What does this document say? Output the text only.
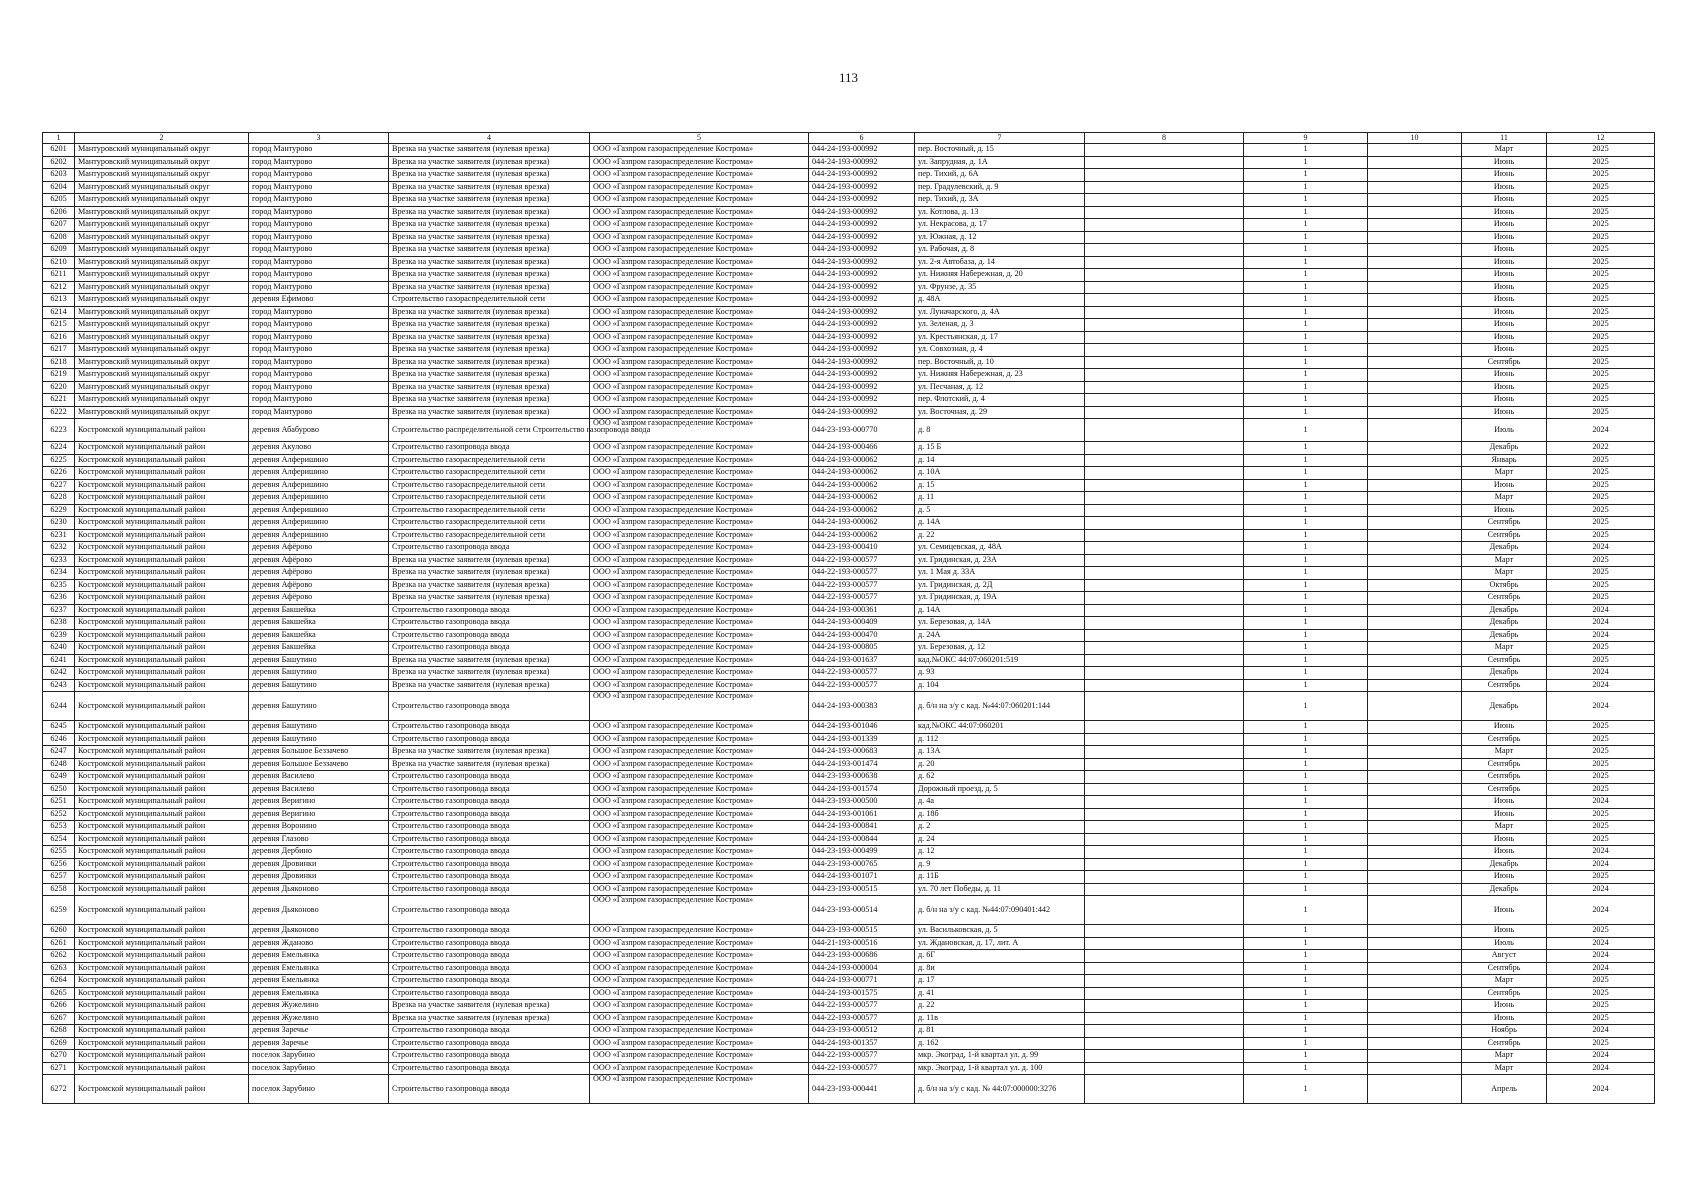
113
1	2	3	4	5	6	7	8	9	10	11	12
6201	Мантуровский муниципальный округ	город Мантурово	Врезка на участке заявителя (нулевая врезка)	ООО «Газпром газораспределение Кострома»	044-24-193-000992	пер. Восточный, д. 15		1		Март	2025
6202	Мантуровский муниципальный округ	город Мантурово	Врезка на участке заявителя (нулевая врезка)	ООО «Газпром газораспределение Кострома»	044-24-193-000992	ул. Запрудная, д. 1А		1		Июнь	2025
6203	Мантуровский муниципальный округ	город Мантурово	Врезка на участке заявителя (нулевая врезка)	ООО «Газпром газораспределение Кострома»	044-24-193-000992	пер. Тихий, д. 6А		1		Июнь	2025
6204	Мантуровский муниципальный округ	город Мантурово	Врезка на участке заявителя (нулевая врезка)	ООО «Газпром газораспределение Кострома»	044-24-193-000992	пер. Градулевский, д. 9		1		Июнь	2025
6205	Мантуровский муниципальный округ	город Мантурово	Врезка на участке заявителя (нулевая врезка)	ООО «Газпром газораспределение Кострома»	044-24-193-000992	пер. Тихий, д. 3А		1		Июнь	2025
6206	Мантуровский муниципальный округ	город Мантурово	Врезка на участке заявителя (нулевая врезка)	ООО «Газпром газораспределение Кострома»	044-24-193-000992	ул. Котлова, д. 13		1		Июнь	2025
6207	Мантуровский муниципальный округ	город Мантурово	Врезка на участке заявителя (нулевая врезка)	ООО «Газпром газораспределение Кострома»	044-24-193-000992	ул. Некрасова, д. 17		1		Июнь	2025
6208	Мантуровский муниципальный округ	город Мантурово	Врезка на участке заявителя (нулевая врезка)	ООО «Газпром газораспределение Кострома»	044-24-193-000992	ул. Южная, д. 12		1		Июнь	2025
6209	Мантуровский муниципальный округ	город Мантурово	Врезка на участке заявителя (нулевая врезка)	ООО «Газпром газораспределение Кострома»	044-24-193-000992	ул. Рабочая, д. 8		1		Июнь	2025
6210	Мантуровский муниципальный округ	город Мантурово	Врезка на участке заявителя (нулевая врезка)	ООО «Газпром газораспределение Кострома»	044-24-193-000992	ул. 2-я Автобаза, д. 14		1		Июнь	2025
6211	Мантуровский муниципальный округ	город Мантурово	Врезка на участке заявителя (нулевая врезка)	ООО «Газпром газораспределение Кострома»	044-24-193-000992	ул. Нижняя Набережная, д. 20		1		Июнь	2025
6212	Мантуровский муниципальный округ	город Мантурово	Врезка на участке заявителя (нулевая врезка)	ООО «Газпром газораспределение Кострома»	044-24-193-000992	ул. Фрунзе, д. 35		1		Июнь	2025
6213	Мантуровский муниципальный округ	деревня Ефимово	Строительство газораспределительной сети	ООО «Газпром газораспределение Кострома»	044-24-193-000992	д. 48А		1		Июнь	2025
6214	Мантуровский муниципальный округ	город Мантурово	Врезка на участке заявителя (нулевая врезка)	ООО «Газпром газораспределение Кострома»	044-24-193-000992	ул. Луначарского, д. 4А		1		Июнь	2025
6215	Мантуровский муниципальный округ	город Мантурово	Врезка на участке заявителя (нулевая врезка)	ООО «Газпром газораспределение Кострома»	044-24-193-000992	ул. Зеленая, д. 3		1		Июнь	2025
6216	Мантуровский муниципальный округ	город Мантурово	Врезка на участке заявителя (нулевая врезка)	ООО «Газпром газораспределение Кострома»	044-24-193-000992	ул. Крестьянская, д. 17		1		Июнь	2025
6217	Мантуровский муниципальный округ	город Мантурово	Врезка на участке заявителя (нулевая врезка)	ООО «Газпром газораспределение Кострома»	044-24-193-000992	ул. Совхозная, д. 4		1		Июнь	2025
6218	Мантуровский муниципальный округ	город Мантурово	Врезка на участке заявителя (нулевая врезка)	ООО «Газпром газораспределение Кострома»	044-24-193-000992	пер. Восточный, д. 10		1		Сентябрь	2025
6219	Мантуровский муниципальный округ	город Мантурово	Врезка на участке заявителя (нулевая врезка)	ООО «Газпром газораспределение Кострома»	044-24-193-000992	ул. Нижняя Набережная, д. 23		1		Июнь	2025
6220	Мантуровский муниципальный округ	город Мантурово	Врезка на участке заявителя (нулевая врезка)	ООО «Газпром газораспределение Кострома»	044-24-193-000992	ул. Песчаная, д. 12		1		Июнь	2025
6221	Мантуровский муниципальный округ	город Мантурово	Врезка на участке заявителя (нулевая врезка)	ООО «Газпром газораспределение Кострома»	044-24-193-000992	пер. Флотский, д. 4		1		Июнь	2025
6222	Мантуровский муниципальный округ	город Мантурово	Врезка на участке заявителя (нулевая врезка)	ООО «Газпром газораспределение Кострома»	044-24-193-000992	ул. Восточная, д. 29		1		Июнь	2025
6223	Костромской муниципальный район	деревня Абабурово	Строительство распределительной сети Строительство газопровода ввода	ООО «Газпром газораспределение Кострома»	044-23-193-000770	д. 8		1		Июль	2024
6224	Костромской муниципальный район	деревня Акулово	Строительство газопровода ввода	ООО «Газпром газораспределение Кострома»	044-24-193-000466	д. 15 Б		1		Декабрь	2022
6225	Костромской муниципальный район	деревня Алферишино	Строительство газораспределительной сети	ООО «Газпром газораспределение Кострома»	044-24-193-000062	д. 14		1		Январь	2025
6226	Костромской муниципальный район	деревня Алферишино	Строительство газораспределительной сети	ООО «Газпром газораспределение Кострома»	044-24-193-000062	д. 10А		1		Март	2025
6227	Костромской муниципальный район	деревня Алферишино	Строительство газораспределительной сети	ООО «Газпром газораспределение Кострома»	044-24-193-000062	д. 15		1		Июнь	2025
6228	Костромской муниципальный район	деревня Алферишино	Строительство газораспределительной сети	ООО «Газпром газораспределение Кострома»	044-24-193-000062	д. 11		1		Март	2025
6229	Костромской муниципальный район	деревня Алферишино	Строительство газораспределительной сети	ООО «Газпром газораспределение Кострома»	044-24-193-000062	д. 5		1		Июнь	2025
6230	Костромской муниципальный район	деревня Алферишино	Строительство газораспределительной сети	ООО «Газпром газораспределение Кострома»	044-24-193-000062	д. 14А		1		Сентябрь	2025
6231	Костромской муниципальный район	деревня Алферишино	Строительство газораспределительной сети	ООО «Газпром газораспределение Кострома»	044-24-193-000062	д. 22		1		Сентябрь	2025
6232	Костромской муниципальный район	деревня Афёрово	Строительство газопровода ввода	ООО «Газпром газораспределение Кострома»	044-23-193-000410	ул. Семицевская, д. 48А		1		Декабрь	2024
6233	Костромской муниципальный район	деревня Афёрово	Врезка на участке заявителя (нулевая врезка)	ООО «Газпром газораспределение Кострома»	044-22-193-000577	ул. Гридинская, д. 23А		1		Март	2025
6234	Костромской муниципальный район	деревня Афёрово	Врезка на участке заявителя (нулевая врезка)	ООО «Газпром газораспределение Кострома»	044-22-193-000577	ул. 1 Мая д. 33А		1		Март	2025
6235	Костромской муниципальный район	деревня Афёрово	Врезка на участке заявителя (нулевая врезка)	ООО «Газпром газораспределение Кострома»	044-22-193-000577	ул. Гридинская, д. 2Д		1		Октябрь	2025
6236	Костромской муниципальный район	деревня Афёрово	Врезка на участке заявителя (нулевая врезка)	ООО «Газпром газораспределение Кострома»	044-22-193-000577	ул. Гридинская, д. 19А		1		Сентябрь	2025
6237	Костромской муниципальный район	деревня Бакшейка	Строительство газопровода ввода	ООО «Газпром газораспределение Кострома»	044-24-193-000361	д. 14А		1		Декабрь	2024
6238	Костромской муниципальный район	деревня Бакшейка	Строительство газопровода ввода	ООО «Газпром газораспределение Кострома»	044-24-193-000409	ул. Березовая, д. 14А		1		Декабрь	2024
6239	Костромской муниципальный район	деревня Бакшейка	Строительство газопровода ввода	ООО «Газпром газораспределение Кострома»	044-24-193-000470	д. 24А		1		Декабрь	2024
6240	Костромской муниципальный район	деревня Бакшейка	Строительство газопровода ввода	ООО «Газпром газораспределение Кострома»	044-24-193-000805	ул. Березовая, д. 12		1		Март	2025
6241	Костромской муниципальный район	деревня Башутино	Врезка на участке заявителя (нулевая врезка)	ООО «Газпром газораспределение Кострома»	044-24-193-001637	кад.№ОКС 44:07:060201:519		1		Сентябрь	2025
6242	Костромской муниципальный район	деревня Башутино	Врезка на участке заявителя (нулевая врезка)	ООО «Газпром газораспределение Кострома»	044-22-193-000577	д. 93		1		Декабрь	2024
6243	Костромской муниципальный район	деревня Башутино	Врезка на участке заявителя (нулевая врезка)	ООО «Газпром газораспределение Кострома»	044-22-193-000577	д. 104		1		Сентябрь	2024
6244	Костромской муниципальный район	деревня Башутино	Строительство газопровода ввода	ООО «Газпром газораспределение Кострома»	044-24-193-000383	д. б/н на з/у с кад. №44:07:060201:144		1		Декабрь	2024
6245	Костромской муниципальный район	деревня Башутино	Строительство газопровода ввода	ООО «Газпром газораспределение Кострома»	044-24-193-001046	кад.№ОКС 44:07:060201		1		Июнь	2025
6246	Костромской муниципальный район	деревня Башутино	Строительство газопровода ввода	ООО «Газпром газораспределение Кострома»	044-24-193-001339	д. 112		1		Сентябрь	2025
6247	Костромской муниципальный район	деревня Большое Беззачево	Врезка на участке заявителя (нулевая врезка)	ООО «Газпром газораспределение Кострома»	044-24-193-000683	д. 13А		1		Март	2025
6248	Костромской муниципальный район	деревня Большое Беззачево	Врезка на участке заявителя (нулевая врезка)	ООО «Газпром газораспределение Кострома»	044-24-193-001474	д. 20		1		Сентябрь	2025
6249	Костромской муниципальный район	деревня Василево	Строительство газопровода ввода	ООО «Газпром газораспределение Кострома»	044-23-193-000638	д. 62		1		Сентябрь	2025
6250	Костромской муниципальный район	деревня Василево	Строительство газопровода ввода	ООО «Газпром газораспределение Кострома»	044-24-193-001574	Дорожный проезд, д. 5		1		Сентябрь	2025
6251	Костромской муниципальный район	деревня Веригино	Строительство газопровода ввода	ООО «Газпром газораспределение Кострома»	044-23-193-000500	д. 4а		1		Июнь	2024
6252	Костромской муниципальный район	деревня Веригино	Строительство газопровода ввода	ООО «Газпром газораспределение Кострома»	044-24-193-001061	д. 18б		1		Июнь	2025
6253	Костромской муниципальный район	деревня Воронино	Строительство газопровода ввода	ООО «Газпром газораспределение Кострома»	044-24-193-000841	д. 2		1		Март	2025
6254	Костромской муниципальный район	деревня Глазово	Строительство газопровода ввода	ООО «Газпром газораспределение Кострома»	044-24-193-000844	д. 24		1		Июнь	2025
6255	Костромской муниципальный район	деревня Дербино	Строительство газопровода ввода	ООО «Газпром газораспределение Кострома»	044-23-193-000499	д. 12		1		Июнь	2024
6256	Костромской муниципальный район	деревня Дровинки	Строительство газопровода ввода	ООО «Газпром газораспределение Кострома»	044-23-193-000765	д. 9		1		Декабрь	2024
6257	Костромской муниципальный район	деревня Дровинки	Строительство газопровода ввода	ООО «Газпром газораспределение Кострома»	044-24-193-001071	д. 11Б		1		Июнь	2025
6258	Костромской муниципальный район	деревня Дьяконово	Строительство газопровода ввода	ООО «Газпром газораспределение Кострома»	044-23-193-000515	ул. 70 лет Победы, д. 11		1		Декабрь	2024
6259	Костромской муниципальный район	деревня Дьяконово	Строительство газопровода ввода	ООО «Газпром газораспределение Кострома»	044-23-193-000514	д. б/н на з/у с кад. №44:07:090401:442		1		Июнь	2024
6260	Костромской муниципальный район	деревня Дьяконово	Строительство газопровода ввода	ООО «Газпром газораспределение Кострома»	044-23-193-000515	ул. Васильковская, д. 5		1		Июнь	2025
6261	Костромской муниципальный район	деревня Жданово	Строительство газопровода ввода	ООО «Газпром газораспределение Кострома»	044-21-193-000516	ул. Ждановская, д. 17, лит. А		1		Июль	2024
6262	Костромской муниципальный район	деревня Емельянка	Строительство газопровода ввода	ООО «Газпром газораспределение Кострома»	044-23-193-000686	д. 6Г		1		Август	2024
6263	Костромской муниципальный район	деревня Емельянка	Строительство газопровода ввода	ООО «Газпром газораспределение Кострома»	044-24-193-000004	д. 8и		1		Сентябрь	2024
6264	Костромской муниципальный район	деревня Емельянка	Строительство газопровода ввода	ООО «Газпром газораспределение Кострома»	044-24-193-000771	д. 17		1		Март	2025
6265	Костромской муниципальный район	деревня Емельянка	Строительство газопровода ввода	ООО «Газпром газораспределение Кострома»	044-24-193-001575	д. 41		1		Сентябрь	2025
6266	Костромской муниципальный район	деревня Жужелино	Врезка на участке заявителя (нулевая врезка)	ООО «Газпром газораспределение Кострома»	044-22-193-000577	д. 22		1		Июнь	2025
6267	Костромской муниципальный район	деревня Жужелино	Врезка на участке заявителя (нулевая врезка)	ООО «Газпром газораспределение Кострома»	044-22-193-000577	д. 11в		1		Июнь	2025
6268	Костромской муниципальный район	деревня Заречье	Строительство газопровода ввода	ООО «Газпром газораспределение Кострома»	044-23-193-000512	д. 81		1		Ноябрь	2024
6269	Костромской муниципальный район	деревня Заречье	Строительство газопровода ввода	ООО «Газпром газораспределение Кострома»	044-24-193-001357	д. 162		1		Сентябрь	2025
6270	Костромской муниципальный район	поселок Зарубино	Строительство газопровода ввода	ООО «Газпром газораспределение Кострома»	044-22-193-000577	мкр. Экоград, 1-й квартал ул. д. 99		1		Март	2024
6271	Костромской муниципальный район	поселок Зарубино	Строительство газопровода ввода	ООО «Газпром газораспределение Кострома»	044-22-193-000577	мкр. Экоград, 1-й квартал ул. д. 100		1		Март	2024
6272	Костромской муниципальный район	поселок Зарубино	Строительство газопровода ввода	ООО «Газпром газораспределение Кострома»	044-23-193-000441	д. б/н на з/у с кад. № 44:07:000000:3276		1		Апрель	2024
